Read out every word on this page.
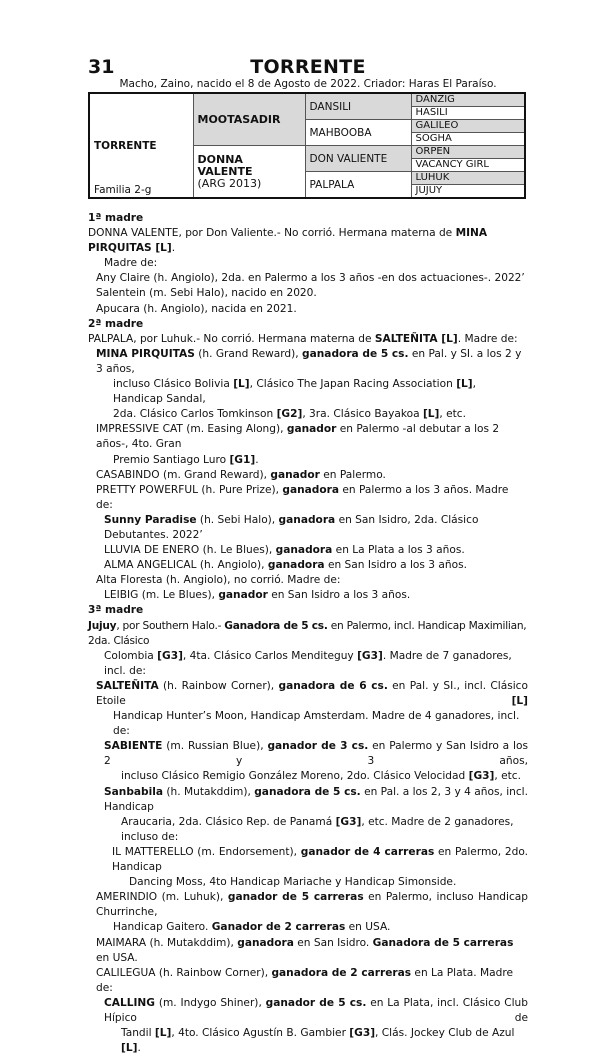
31	TORRENTE
Macho, Zaino, nacido el 8 de Agosto de 2022. Criador: Haras El Paraíso.
TORRENTE
Familia 2-g	MOOTASADIR	DANSILI	DANZIG
			HASILI
		MAHBOOBA	GALILEO
			SOGHA

	DONNA VALENTE
(ARG 2013)	DON VALIENTE	ORPEN
			VACANCY GIRL
		PALPALA	LUHUK
			JUJUY

1ª madre

DONNA VALENTE, por Don Valiente.- No corrió. Hermana materna de MINA PIRQUITAS [L].

Madre de:

Any Claire (h. Angiolo), 2da. en Palermo a los 3 años -en dos actuaciones-. 2022’

Salentein (m. Sebi Halo), nacido en 2020.

Apucara (h. Angiolo), nacida en 2021.

2ª madre

PALPALA, por Luhuk.- No corrió. Hermana materna de SALTEÑITA [L]. Madre de:

MINA PIRQUITAS (h. Grand Reward), ganadora de 5 cs. en Pal. y SI. a los 2 y 3 años,

incluso Clásico Bolivia [L], Clásico The Japan Racing Association [L], Handicap Sandal,

2da. Clásico Carlos Tomkinson [G2], 3ra. Clásico Bayakoa [L], etc.

IMPRESSIVE CAT (m. Easing Along), ganador en Palermo -al debutar a los 2 años-, 4to. Gran

Premio Santiago Luro [G1].

CASABINDO (m. Grand Reward), ganador en Palermo.

PRETTY POWERFUL (h. Pure Prize), ganadora en Palermo a los 3 años. Madre de:

Sunny Paradise (h. Sebi Halo), ganadora en San Isidro, 2da. Clásico Debutantes. 2022’

LLUVIA DE ENERO (h. Le Blues), ganadora en La Plata a los 3 años.

ALMA ANGELICAL (h. Angiolo), ganadora en San Isidro a los 3 años.

Alta Floresta (h. Angiolo), no corrió. Madre de:

LEIBIG (m. Le Blues), ganador en San Isidro a los 3 años.

3ª madre

Jujuy, por Southern Halo.- Ganadora de 5 cs. en Palermo, incl. Handicap Maximilian, 2da. Clásico

Colombia [G3], 4ta. Clásico Carlos Menditeguy [G3]. Madre de 7 ganadores, incl. de:

SALTEÑITA (h. Rainbow Corner), ganadora de 6 cs. en Pal. y SI., incl. Clásico Etoile [L]

Handicap Hunter’s Moon, Handicap Amsterdam. Madre de 4 ganadores, incl. de:

SABIENTE (m. Russian Blue), ganador de 3 cs. en Palermo y San Isidro a los 2 y 3 años,

incluso Clásico Remigio González Moreno, 2do. Clásico Velocidad [G3], etc.

Sanbabila (h. Mutakddim), ganadora de 5 cs. en Pal. a los 2, 3 y 4 años, incl. Handicap

Araucaria, 2da. Clásico Rep. de Panamá [G3], etc. Madre de 2 ganadores, incluso de:

IL MATTERELLO (m. Endorsement), ganador de 4 carreras en Palermo, 2do. Handicap

Dancing Moss, 4to Handicap Mariache y Handicap Simonside.

AMERINDIO (m. Luhuk), ganador de 5 carreras en Palermo, incluso Handicap Churrinche,

Handicap Gaitero. Ganador de 2 carreras en USA.

MAIMARA (h. Mutakddim), ganadora en San Isidro. Ganadora de 5 carreras en USA.

CALILEGUA (h. Rainbow Corner), ganadora de 2 carreras en La Plata. Madre de:

CALLING (m. Indygo Shiner), ganador de 5 cs. en La Plata, incl. Clásico Club Hípico de

Tandil [L], 4to. Clásico Agustín B. Gambier [G3], Clás. Jockey Club de Azul [L].
